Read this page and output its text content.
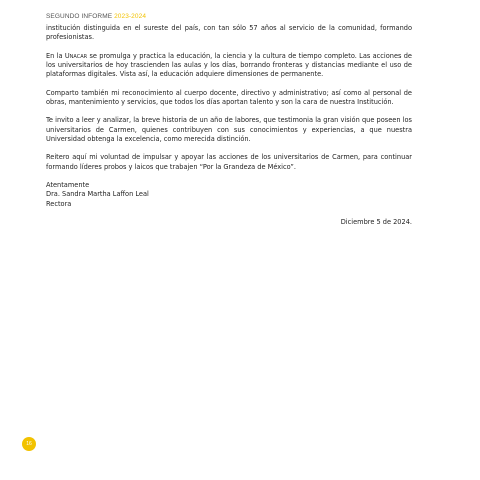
SEGUNDO INFORME 2023-2024

institución distinguida en el sureste del país, con tan sólo 57 años al servicio de la comunidad, formando profesionistas.

En la Unacar se promulga y practica la educación, la ciencia y la cultura de tiempo completo. Las acciones de los universitarios de hoy trascienden las aulas y los días, borrando fronteras y distancias mediante el uso de plataformas digitales. Vista así, la educación adquiere dimensiones de permanente.

Comparto también mi reconocimiento al cuerpo docente, directivo y administrativo; así como al personal de obras, mantenimiento y servicios, que todos los días aportan talento y son la cara de nuestra Institución.

Te invito a leer y analizar, la breve historia de un año de labores, que testimonia la gran visión que poseen los universitarios de Carmen, quienes contribuyen con sus conocimientos y experiencias, a que nuestra Universidad obtenga la excelencia, como merecida distinción.

Reitero aquí mi voluntad de impulsar y apoyar las acciones de los universitarios de Carmen, para continuar formando líderes probos y laicos que trabajen “Por la Grandeza de México”.

Atentamente

Dra. Sandra Martha Laffon Leal

Rectora

Diciembre 5 de 2024.
16
